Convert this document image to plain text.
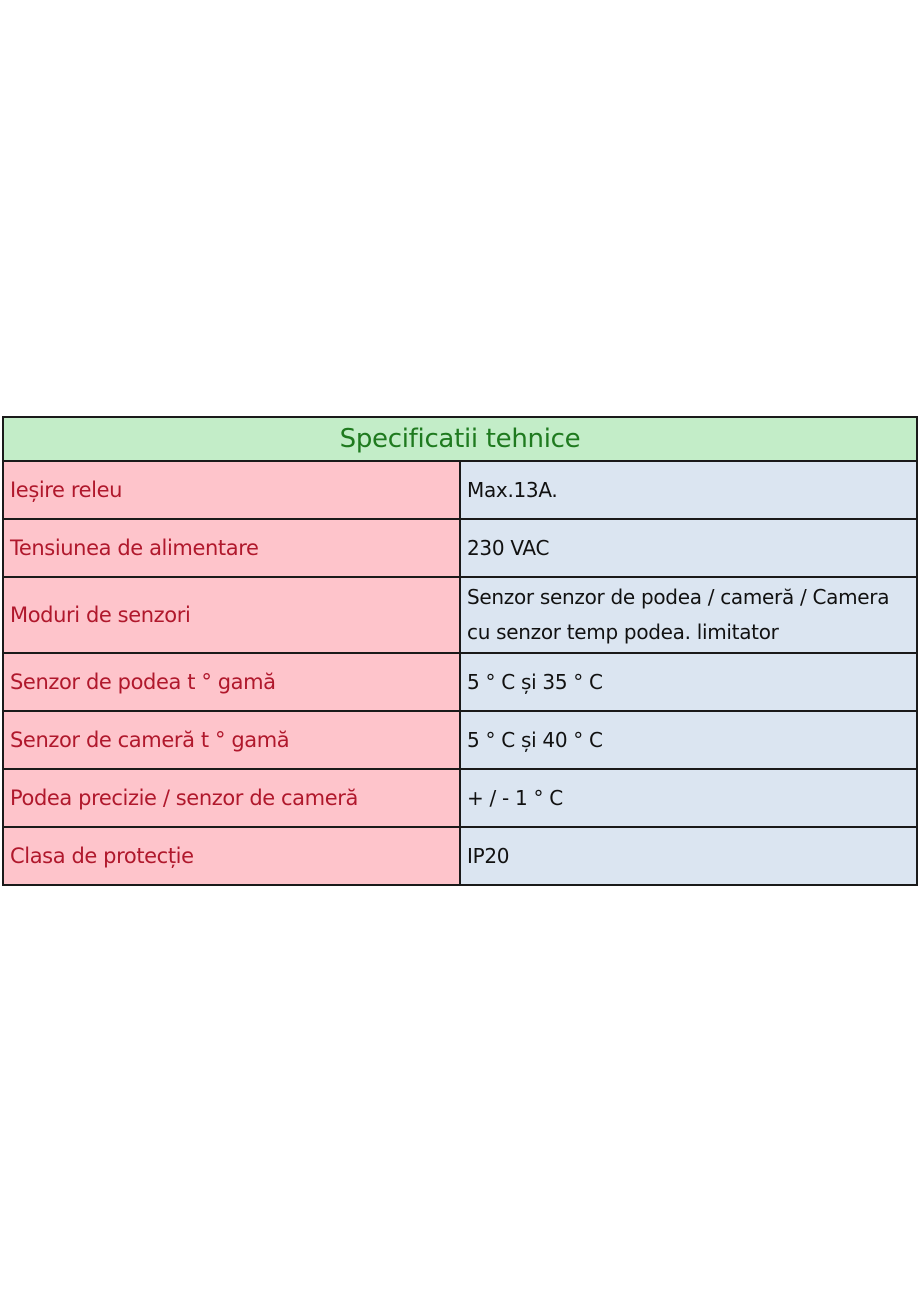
Specificatii tehnice	
Ieșire releu	Max.13A.
Tensiunea de alimentare	230 VAC
Moduri de senzori	Senzor senzor de podea / cameră / Camera cu senzor temp podea. limitator
Senzor de podea t ° gamă	5 ° C și 35 ° C
Senzor de cameră t ° gamă	5 ° C și 40 ° C
Podea precizie / senzor de cameră	+ / - 1 ° C
Clasa de protecție	IP20
